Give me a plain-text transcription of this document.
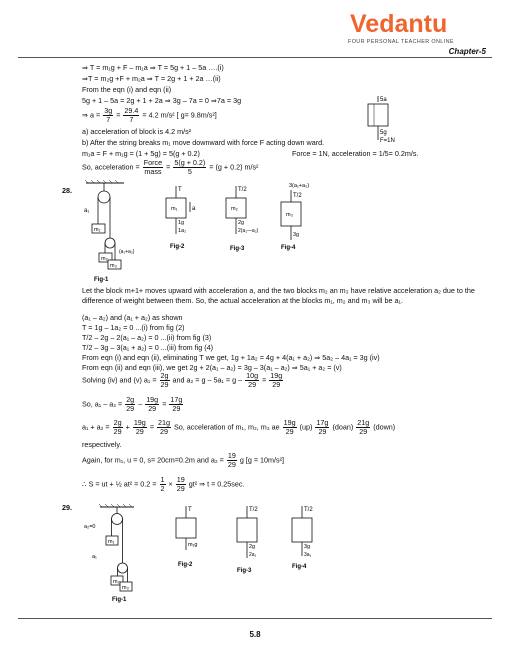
Vedantu
FOUR PERSONAL TEACHER ONLINE
Chapter-5
⇒ T = m₁g + F – m₁a ⇒ T = 5g + 1 – 5a ….(i)
⇒T = m₂g +F + m₂a ⇒ T = 2g + 1 + 2a …(ii)
From the eqn (i) and eqn (ii)
5g + 1 – 5a = 2g + 1 + 2a ⇒ 3g – 7a = 0 ⇒7a = 3g
⇒ $a = \frac{3g}{7} = \frac{29.4}{7} = 4.2$ m/s² [ g= 9.8m/s²]
a) acceleration of block is 4.2 m/s²
b) After the string breaks m₁ move downward with force F acting down ward.
m₁a = F + m₁g = (1 + 5g) = 5(g + 0.2)	Force = 1N, acceleration = 1/5= 0.2m/s.
So, acceleration = $\frac{\text{Force}}{\text{mass}} = \frac{5(g + 0.2)}{5} = (g + 0.2)$ m/s²
5a
5g
F=1N
28.
a₁
m₁
(a₁+a₂)
m₂
m₃
Fig-1
T
m₁ a
1g
1a₁
Fig-2
T/2
m₂
2g
2(a₁—a₂)
Fig-3
3(a₁+a₂)
T/2
m₃
3g
Fig-4
Let the block m+1+ moves upward with acceleration a, and the two blocks m₂ an m₃ have relative acceleration a₂ due to the difference of weight between them. So, the actual acceleration at the blocks m₁, m₂ and m₃ will be a₁.
(a₁ – a₂) and (a₁ + a₂) as shown
T = 1g – 1a₂ = 0 ...(i) from fig (2)
T/2 – 2g – 2(a₁ – a₂) = 0 ...(ii) from fig (3)
T/2 – 3g – 3(a₁ + a₂) = 0 ...(iii) from fig (4)
From eqn (i) and eqn (ii), eliminating T we get, 1g + 1a₂ = 4g + 4(a₁ + a₂) ⇒ 5a₂ – 4a₁ = 3g (iv)
From eqn (ii) and eqn (iii), we get 2g + 2(a₁ – a₂) = 3g – 3(a₁ – a₂) ⇒ 5a₁ + a₂ = (v)
Solving (iv) and (v) $a_1 = \frac{2g}{29}$ and $a_2 = g - 5a_1 = g - \frac{10g}{29} = \frac{19g}{29}$
So, $a_1 - a_2 = \frac{2g}{29} - \frac{19g}{29} = \frac{17g}{29}$
$a_1 + a_2 = \frac{2g}{29} + \frac{19g}{29} = \frac{21g}{29} So$, acceleration of m₁, m₂, m₃ ae $\frac{19g}{29} (up) \frac{17g}{29}$ (doan) $\frac{21g}{29}$ (down)
respectively.
Again, for m₁, u = 0, s= 20cm=0.2m and $a_2 = \frac{19}{29}$ g [g = 10m/s²]
∴ S = ut + ½ $at^2 = 0.2 = \frac{1}{2} \times \frac{19}{29} gt^2$ ⇒ t = 0.25sec.
29.
a₂=0
m₁
a₁
m₂
m₃
Fig-1
T
m₁g
Fig-2
T/2
2g
2a₁
Fig-3
T/2
3g
3a₁
Fig-4
5.8
